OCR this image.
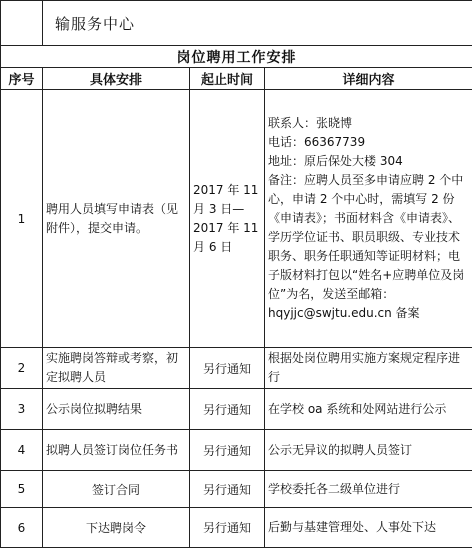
	输服务中心		
岗位聘用工作安排			
序号	具体安排	起止时间	详细内容
1	聘用人员填写申请表（见附件），提交申请。	2017 年 11 月 3 日—2017 年 11 月 6 日	联系人：张晓博

电话：66367739

地址：原后保处大楼 304

备注：应聘人员至多申请应聘 2 个中心，申请 2 个中心时，需填写 2 份《申请表》；书面材料含《申请表》、学历学位证书、职员职级、专业技术职务、职务任职通知等证明材料；电子版材料打包以“姓名+应聘单位及岗位”为名，发送至邮箱：

hqyjjc@swjtu.edu.cn 备案

2	实施聘岗答辩或考察，初定拟聘人员	另行通知	根据处岗位聘用实施方案规定程序进行
3	公示岗位拟聘结果	另行通知	在学校 oa 系统和处网站进行公示
4	拟聘人员签订岗位任务书	另行通知	公示无异议的拟聘人员签订
5	签订合同	另行通知	学校委托各二级单位进行
6	下达聘岗令	另行通知	后勤与基建管理处、人事处下达
